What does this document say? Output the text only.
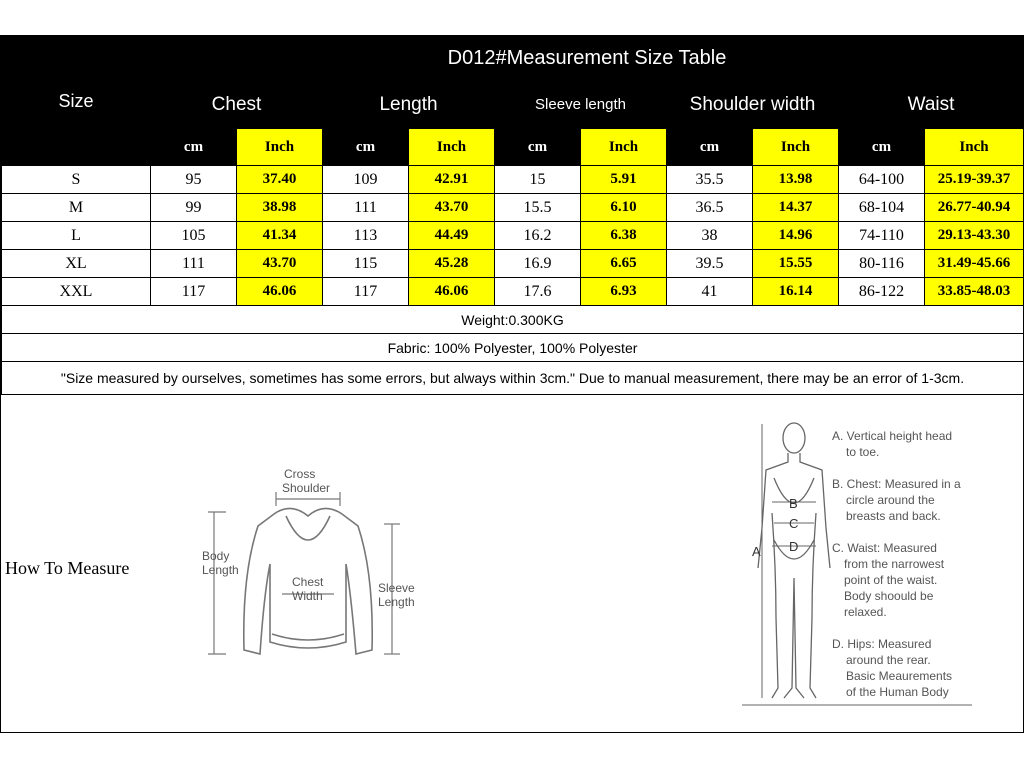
Size	D012#Measurement Size Table									
	Chest		Length		Sleeve length		Shoulder width		Waist	
	cm	Inch	cm	Inch	cm	Inch	cm	Inch	cm	Inch
S	95	37.40	109	42.91	15	5.91	35.5	13.98	64-100	25.19-39.37
M	99	38.98	111	43.70	15.5	6.10	36.5	14.37	68-104	26.77-40.94
L	105	41.34	113	44.49	16.2	6.38	38	14.96	74-110	29.13-43.30
XL	111	43.70	115	45.28	16.9	6.65	39.5	15.55	80-116	31.49-45.66
XXL	117	46.06	117	46.06	17.6	6.93	41	16.14	86-122	33.85-48.03
Weight:0.300KG										
Fabric: 100% Polyester, 100% Polyester										
"Size measured by ourselves, sometimes has some errors, but always within 3cm." Due to manual measurement, there may be an error of 1-3cm.										
How To Measure
Cross
Shoulder
Body
Length
Chest
Width
Sleeve
Length
A
B
C
D
A. Vertical height head
to toe.
B. Chest: Measured in a
circle around the
breasts and back.
C. Waist: Measured
from the narrowest
point of the waist.
Body shoould be
relaxed.
D. Hips: Measured
around the rear.
Basic Meaurements
of the Human Body
